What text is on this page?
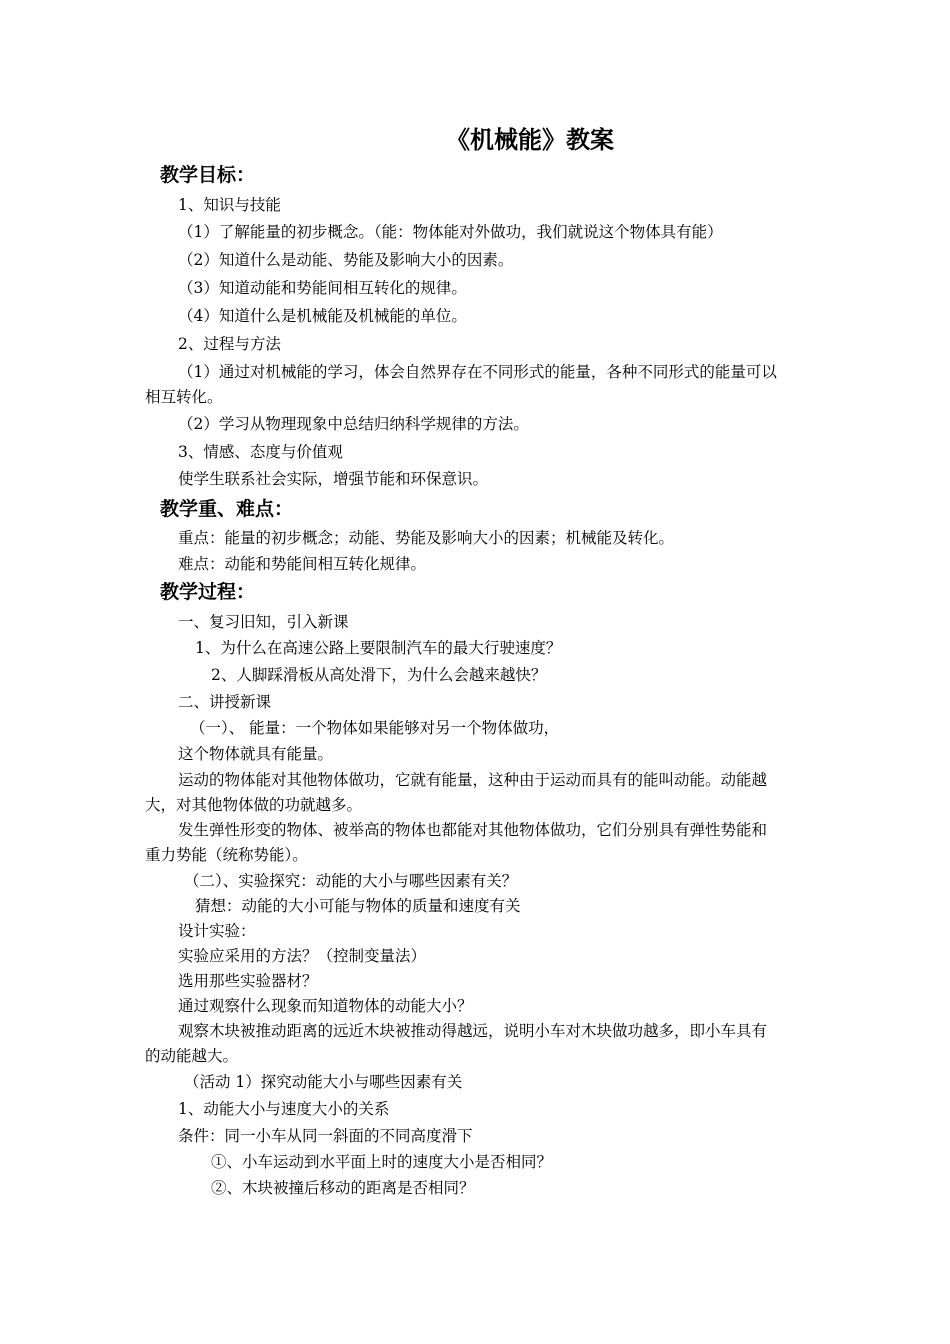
《机械能》教案
教学目标：
1、知识与技能
（1）了解能量的初步概念。（能：物体能对外做功，我们就说这个物体具有能）
（2）知道什么是动能、势能及影响大小的因素。
（3）知道动能和势能间相互转化的规律。
（4）知道什么是机械能及机械能的单位。
2、过程与方法
（1）通过对机械能的学习，体会自然界存在不同形式的能量，各种不同形式的能量可以
相互转化。
（2）学习从物理现象中总结归纳科学规律的方法。
3、情感、态度与价值观
使学生联系社会实际，增强节能和环保意识。
教学重、难点：
重点：能量的初步概念；动能、势能及影响大小的因素；机械能及转化。
难点：动能和势能间相互转化规律。
教学过程：
一、复习旧知，引入新课
1、为什么在高速公路上要限制汽车的最大行驶速度？
2、人脚踩滑板从高处滑下，为什么会越来越快？
二、讲授新课
（一）、 能量：一个物体如果能够对另一个物体做功，
这个物体就具有能量。
运动的物体能对其他物体做功，它就有能量，这种由于运动而具有的能叫动能。动能越
大，对其他物体做的功就越多。
发生弹性形变的物体、被举高的物体也都能对其他物体做功，它们分别具有弹性势能和
重力势能（统称势能）。
（二）、实验探究：动能的大小与哪些因素有关？
猜想：动能的大小可能与物体的质量和速度有关
设计实验：
实验应采用的方法？（控制变量法）
选用那些实验器材？
通过观察什么现象而知道物体的动能大小？
观察木块被推动距离的远近木块被推动得越远，说明小车对木块做功越多，即小车具有
的动能越大。
（活动 1）探究动能大小与哪些因素有关
1、动能大小与速度大小的关系
条件：同一小车从同一斜面的不同高度滑下
①、小车运动到水平面上时的速度大小是否相同？
②、木块被撞后移动的距离是否相同？
